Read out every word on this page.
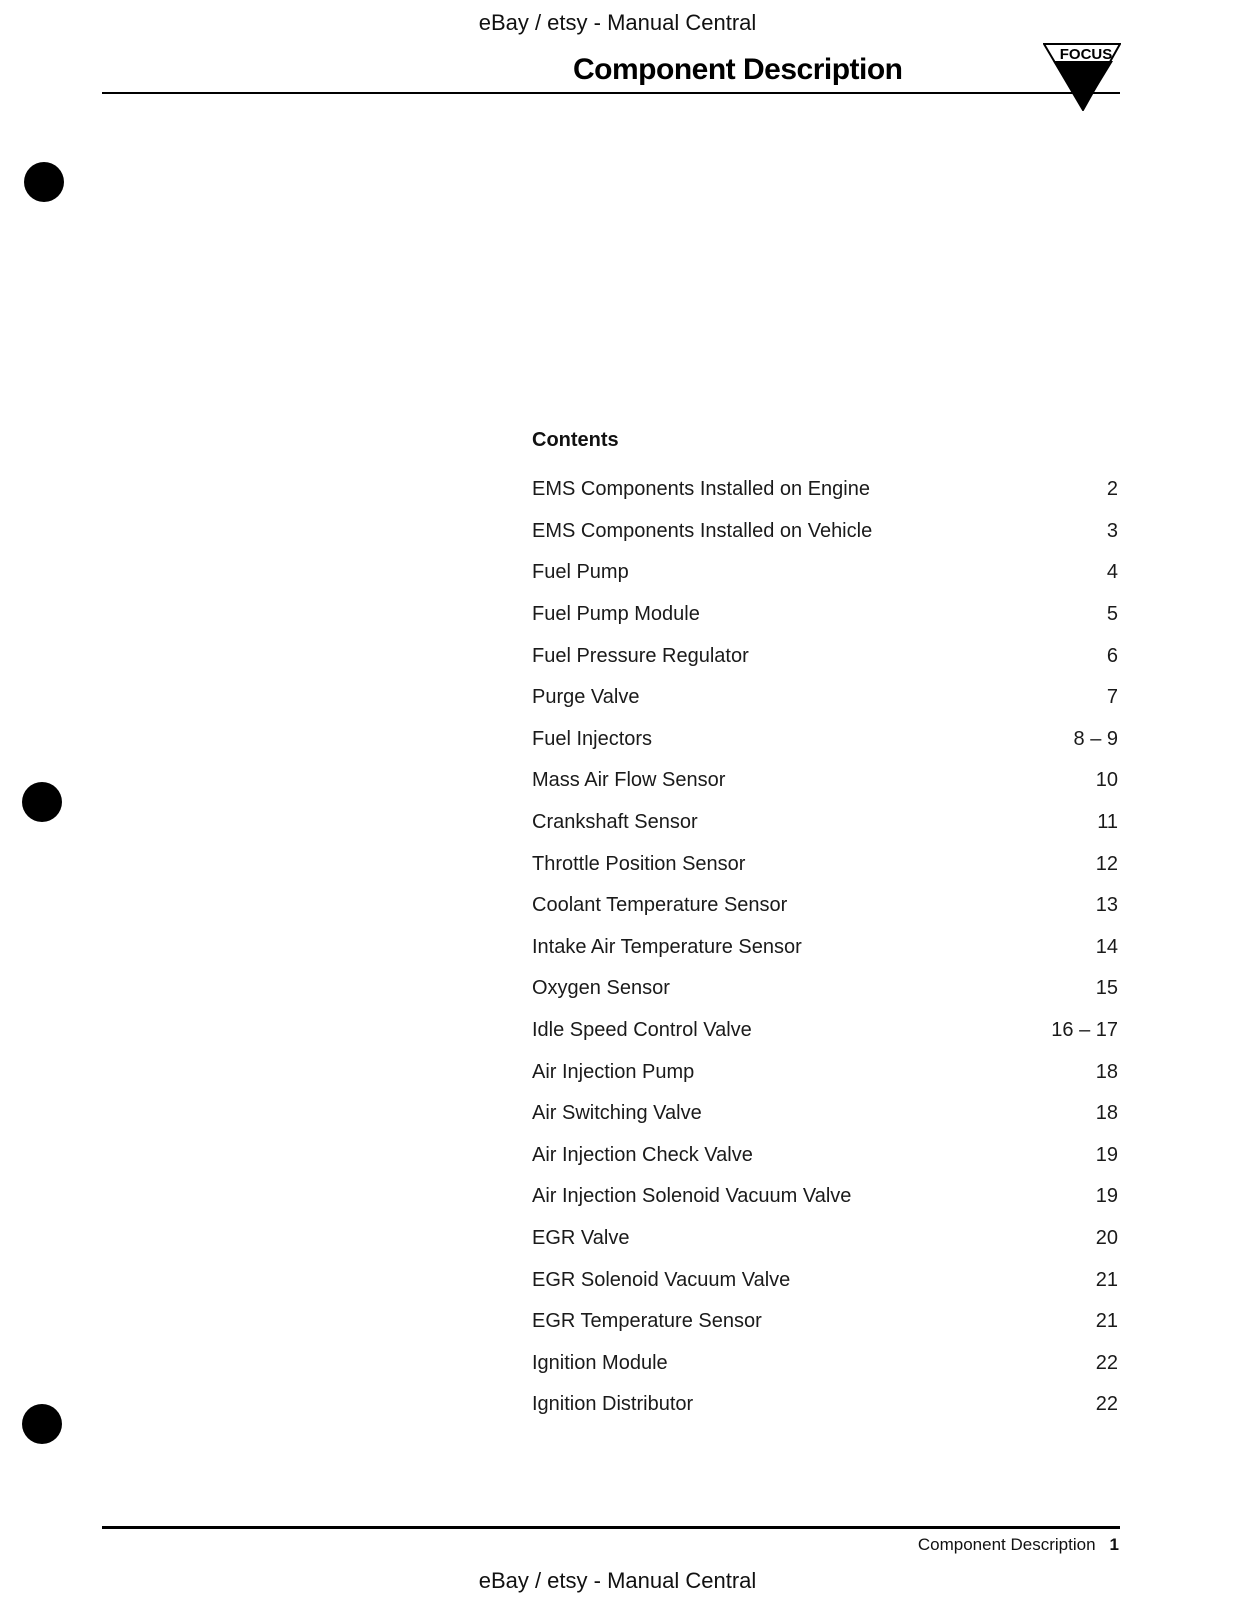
eBay / etsy - Manual Central
Component Description	FOCUS
Contents
EMS Components Installed on Engine	2
EMS Components Installed on Vehicle	3
Fuel Pump	4
Fuel Pump Module	5
Fuel Pressure Regulator	6
Purge Valve	7
Fuel Injectors	8 – 9
Mass Air Flow Sensor	10
Crankshaft Sensor	11
Throttle Position Sensor	12
Coolant Temperature Sensor	13
Intake Air Temperature Sensor	14
Oxygen Sensor	15
Idle Speed Control Valve	16 – 17
Air Injection Pump	18
Air Switching Valve	18
Air Injection Check Valve	19
Air Injection Solenoid Vacuum Valve	19
EGR Valve	20
EGR Solenoid Vacuum Valve	21
EGR Temperature Sensor	21
Ignition Module	22
Ignition Distributor	22
Component Description 1
eBay / etsy - Manual Central
